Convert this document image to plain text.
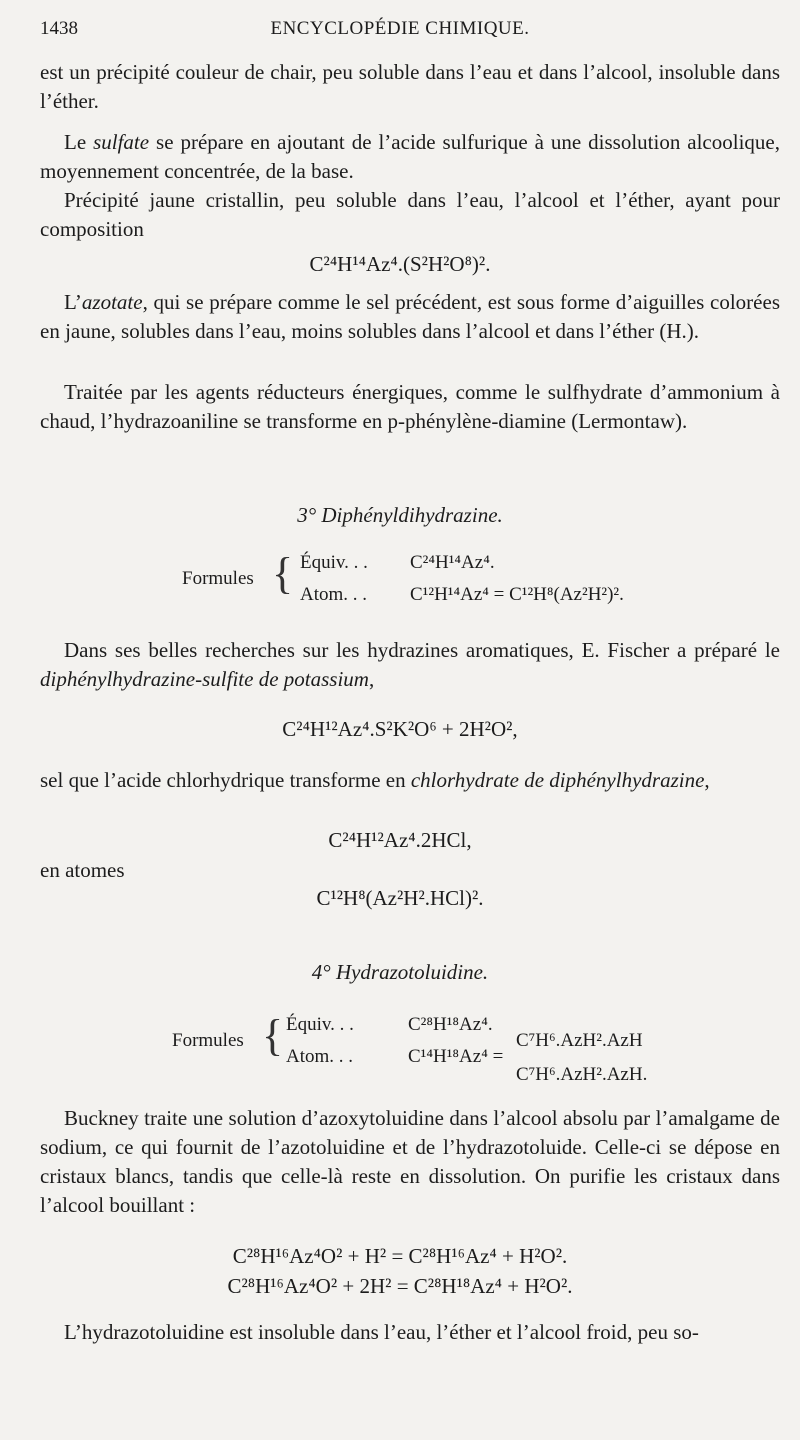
1438	ENCYCLOPÉDIE CHIMIQUE.
est un précipité couleur de chair, peu soluble dans l’eau et dans l’alcool, insoluble dans l’éther.
Le sulfate se prépare en ajoutant de l’acide sulfurique à une dissolution alcoolique, moyennement concentrée, de la base.
Précipité jaune cristallin, peu soluble dans l’eau, l’alcool et l’éther, ayant pour composition
C²⁴H¹⁴Az⁴.(S²H²O⁸)².
L’azotate, qui se prépare comme le sel précédent, est sous forme d’aiguilles colorées en jaune, solubles dans l’eau, moins solubles dans l’alcool et dans l’éther (H.).
Traitée par les agents réducteurs énergiques, comme le sulfhydrate d’ammonium à chaud, l’hydrazoaniline se transforme en p-phénylène-diamine (Lermontaw).
3° Diphényldihydrazine.
Formules { Équiv. . .
Atom. . .
C²⁴H¹⁴Az⁴.
C¹²H¹⁴Az⁴ = C¹²H⁸(Az²H²)².
Dans ses belles recherches sur les hydrazines aromatiques, E. Fischer a préparé le diphénylhydrazine-sulfite de potassium,
C²⁴H¹²Az⁴.S²K²O⁶ + 2H²O²,
sel que l’acide chlorhydrique transforme en chlorhydrate de diphénylhydrazine,
C²⁴H¹²Az⁴.2HCl,
en atomes
C¹²H⁸(Az²H².HCl)².
4° Hydrazotoluidine.
Formules { Équiv. . .
Atom. . .
C²⁸H¹⁸Az⁴.
C¹⁴H¹⁸Az⁴ =
C⁷H⁶.AzH².AzH
C⁷H⁶.AzH².AzH.
Buckney traite une solution d’azoxytoluidine dans l’alcool absolu par l’amalgame de sodium, ce qui fournit de l’azotoluidine et de l’hydrazotoluide. Celle-ci se dépose en cristaux blancs, tandis que celle-là reste en dissolution. On purifie les cristaux dans l’alcool bouillant :
C²⁸H¹⁶Az⁴O² + H² = C²⁸H¹⁶Az⁴ + H²O².
C²⁸H¹⁶Az⁴O² + 2H² = C²⁸H¹⁸Az⁴ + H²O².
L’hydrazotoluidine est insoluble dans l’eau, l’éther et l’alcool froid, peu so-
